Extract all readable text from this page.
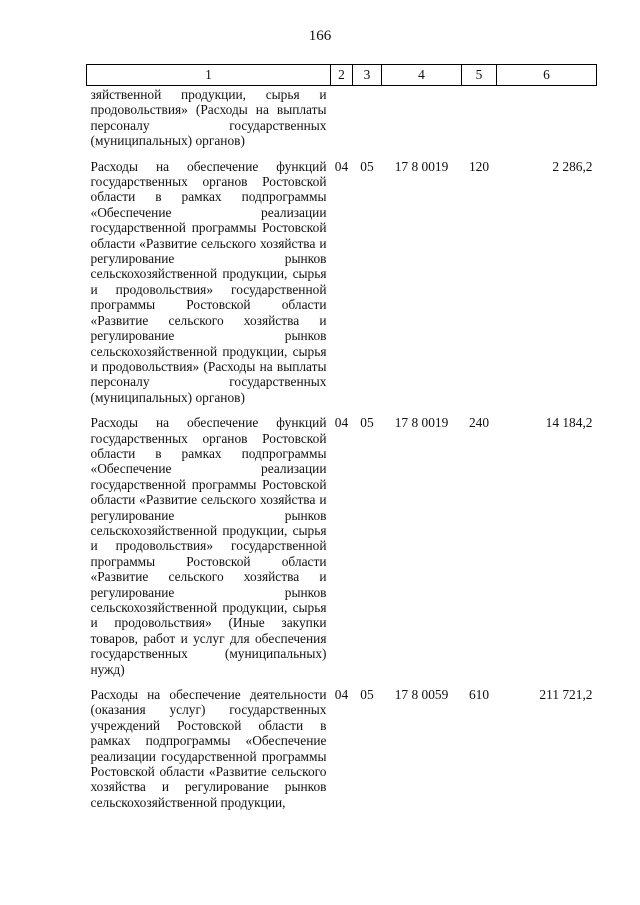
166
1	2	3	4	5	6
зяйственной продукции, сырья и продовольствия» (Расходы на выплаты персоналу государственных (муниципальных) органов)					
Расходы на обеспечение функций государственных органов Ростовской области в рамках подпрограммы «Обеспечение реализации государственной программы Ростовской области «Развитие сельского хозяйства и регулирование рынков сельскохозяйственной продукции, сырья и продовольствия» государственной программы Ростовской области «Развитие сельского хозяйства и регулирование рынков сельскохозяйственной продукции, сырья и продовольствия» (Расходы на выплаты персоналу государственных (муниципальных) органов)	04	05	17 8 0019	120	2 286,2
Расходы на обеспечение функций государственных органов Ростовской области в рамках подпрограммы «Обеспечение реализации государственной программы Ростовской области «Развитие сельского хозяйства и регулирование рынков сельскохозяйственной продукции, сырья и продовольствия» государственной программы Ростовской области «Развитие сельского хозяйства и регулирование рынков сельскохозяйственной продукции, сырья и продовольствия» (Иные закупки товаров, работ и услуг для обеспечения государственных (муниципальных) нужд)	04	05	17 8 0019	240	14 184,2
Расходы на обеспечение деятельности (оказания услуг) государственных учреждений Ростовской области в рамках подпрограммы «Обеспечение реализации государственной программы Ростовской области «Развитие сельского хозяйства и регулирование рынков сельскохозяйственной продукции,	04	05	17 8 0059	610	211 721,2
